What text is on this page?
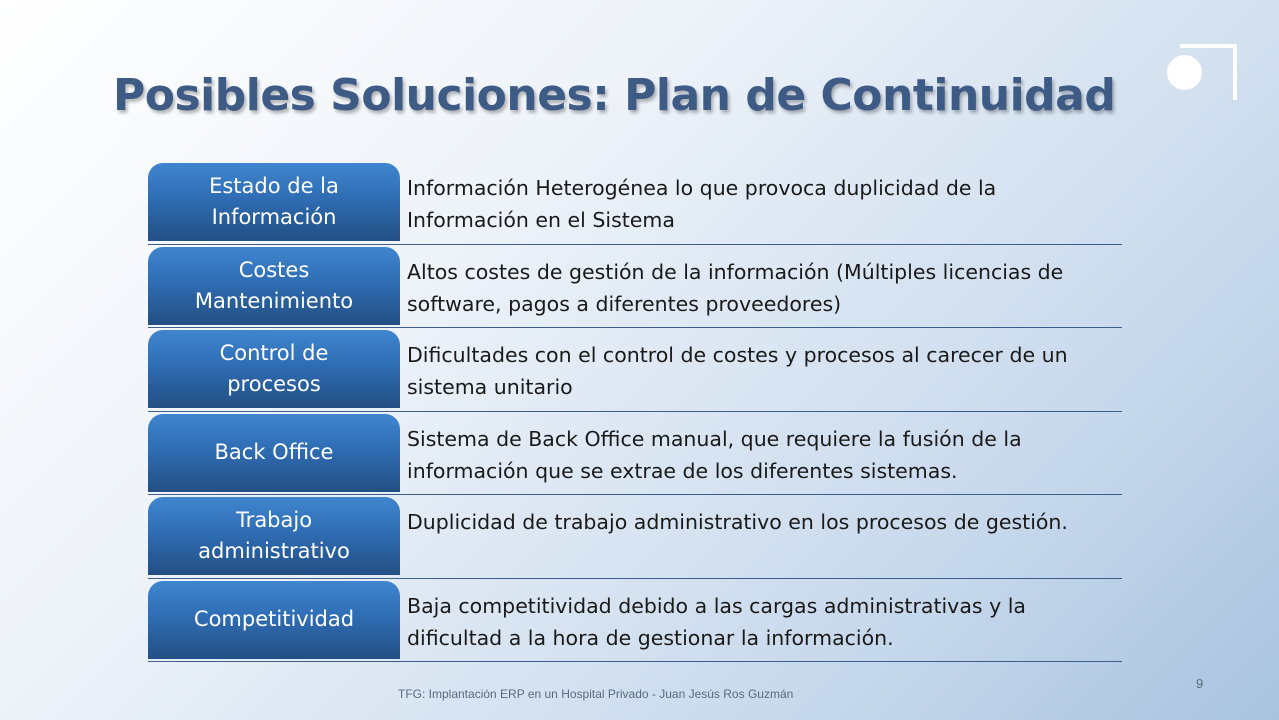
Posibles Soluciones: Plan de Continuidad
Estado de la Información

Información Heterogénea lo que provoca duplicidad de la Información en el Sistema

Costes Mantenimiento

Altos costes de gestión de la información (Múltiples licencias de software, pagos a diferentes proveedores)

Control de procesos

Dificultades con el control de costes y procesos al carecer de un sistema unitario

Back Office

Sistema de Back Office manual, que requiere la fusión de la información que se extrae de los diferentes sistemas.

Trabajo administrativo

Duplicidad de trabajo administrativo en los procesos de gestión.

Competitividad

Baja competitividad debido a las cargas administrativas y la dificultad a la hora de gestionar la información.

TFG: Implantación ERP en un Hospital Privado - Juan Jesús Ros Guzmán
9
